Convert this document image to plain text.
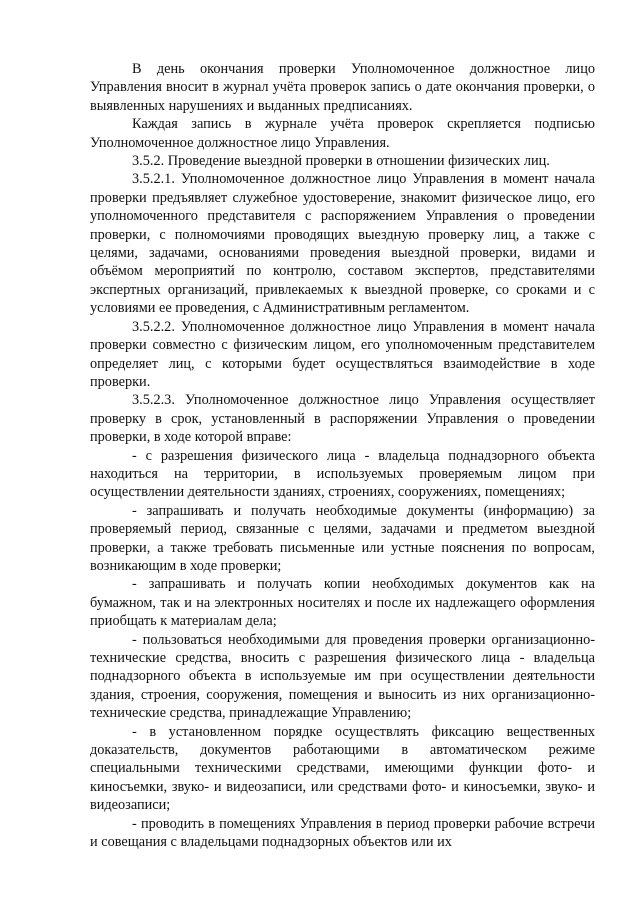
В день окончания проверки Уполномоченное должностное лицо Управления вносит в журнал учёта проверок запись о дате окончания проверки, о выявленных нарушениях и выданных предписаниях.

Каждая запись в журнале учёта проверок скрепляется подписью Уполномоченное должностное лицо Управления.

3.5.2. Проведение выездной проверки в отношении физических лиц.

3.5.2.1. Уполномоченное должностное лицо Управления в момент начала проверки предъявляет служебное удостоверение, знакомит физическое лицо, его уполномоченного представителя с распоряжением Управления о проведении проверки, с полномочиями проводящих выездную проверку лиц, а также с целями, задачами, основаниями проведения выездной проверки, видами и объёмом мероприятий по контролю, составом экспертов, представителями экспертных организаций, привлекаемых к выездной проверке, со сроками и с условиями ее проведения, с Административным регламентом.

3.5.2.2. Уполномоченное должностное лицо Управления в момент начала проверки совместно с физическим лицом, его уполномоченным представителем определяет лиц, с которыми будет осуществляться взаимодействие в ходе проверки.

3.5.2.3. Уполномоченное должностное лицо Управления осуществляет проверку в срок, установленный в распоряжении Управления о проведении проверки, в ходе которой вправе:

- с разрешения физического лица - владельца поднадзорного объекта находиться на территории, в используемых проверяемым лицом при осуществлении деятельности зданиях, строениях, сооружениях, помещениях;

- запрашивать и получать необходимые документы (информацию) за проверяемый период, связанные с целями, задачами и предметом выездной проверки, а также требовать письменные или устные пояснения по вопросам, возникающим в ходе проверки;

- запрашивать и получать копии необходимых документов как на бумажном, так и на электронных носителях и после их надлежащего оформления приобщать к материалам дела;

- пользоваться необходимыми для проведения проверки организационно-технические средства, вносить с разрешения физического лица - владельца поднадзорного объекта в используемые им при осуществлении деятельности здания, строения, сооружения, помещения и выносить из них организационно-технические средства, принадлежащие Управлению;

- в установленном порядке осуществлять фиксацию вещественных доказательств, документов работающими в автоматическом режиме специальными техническими средствами, имеющими функции фото- и киносъемки, звуко- и видеозаписи, или средствами фото- и киносъемки, звуко- и видеозаписи;

- проводить в помещениях Управления в период проверки рабочие встречи и совещания с владельцами поднадзорных объектов или их
